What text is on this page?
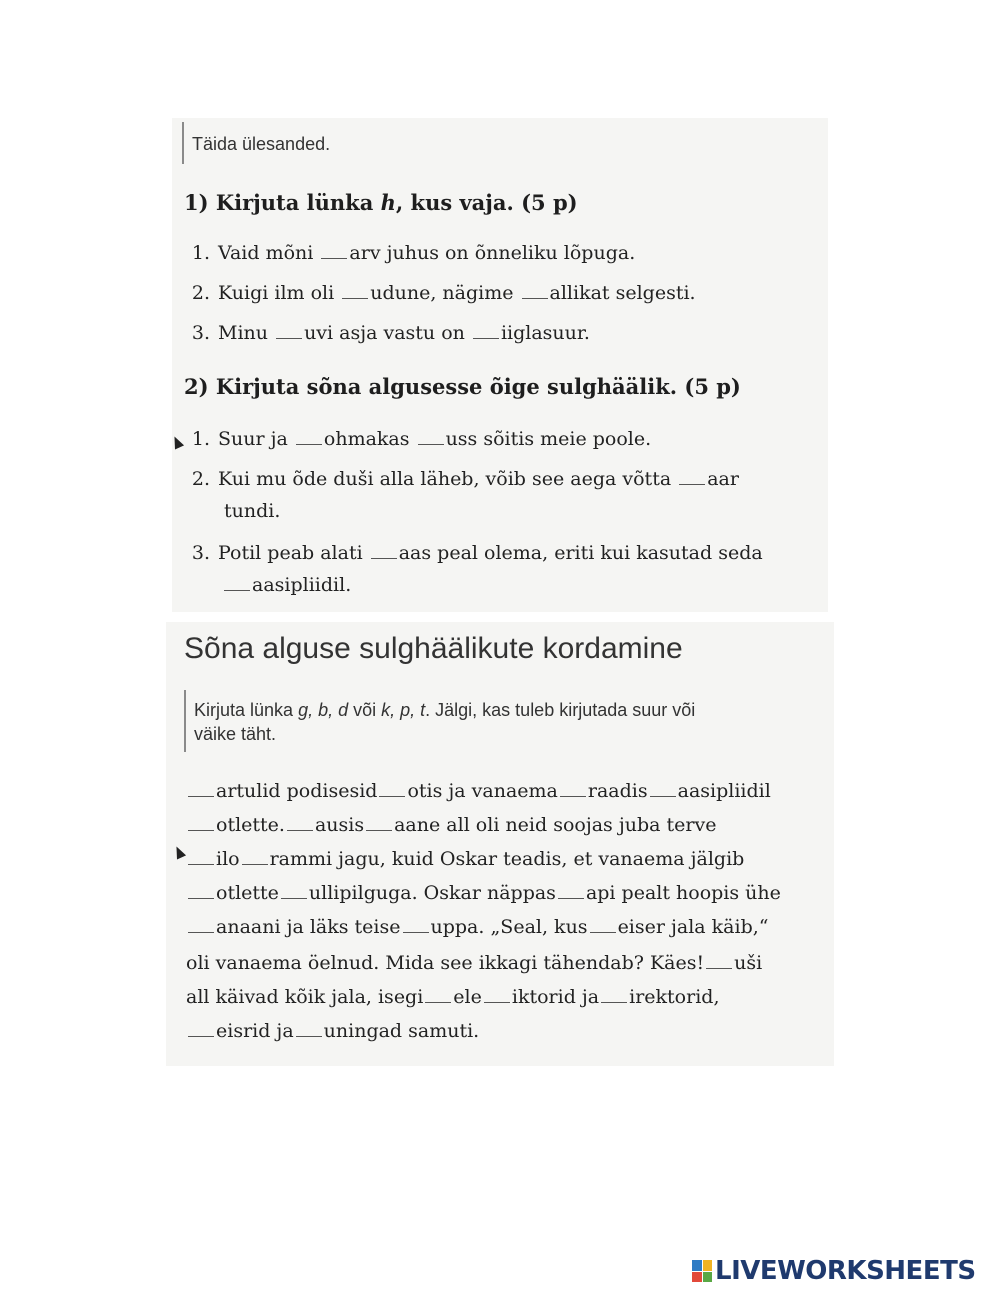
Täida ülesanded.
1) Kirjuta lünka h, kus vaja. (5 p)
1. Vaid mõni arv juhus on õnneliku lõpuga.
2. Kuigi ilm oli udune, nägime allikat selgesti.
3. Minu uvi asja vastu on iiglasuur.
2) Kirjuta sõna algusesse õige sulghäälik. (5 p)
1. Suur ja ohmakas uss sõitis meie poole.
2. Kui mu õde duši alla läheb, võib see aega võtta aar
tundi.
3. Potil peab alati aas peal olema, eriti kui kasutad seda
aasipliidil.
Sõna alguse sulghäälikute kordamine
Kirjuta lünka g, b, d või k, p, t. Jälgi, kas tuleb kirjutada suur või
väike täht.
artulid podisesid otis ja vanaema raadis aasipliidil
otlette. ausis aane all oli neid soojas juba terve
ilo rammi jagu, kuid Oskar teadis, et vanaema jälgib
otlette ullipilguga. Oskar näppas api pealt hoopis ühe
anaani ja läks teise uppa. „Seal, kus eiser jala käib,“
oli vanaema öelnud. Mida see ikkagi tähendab? Käes! uši
all käivad kõik jala, isegi ele iktorid ja irektorid,
eisrid ja uningad samuti.
LIVEWORKSHEETS
